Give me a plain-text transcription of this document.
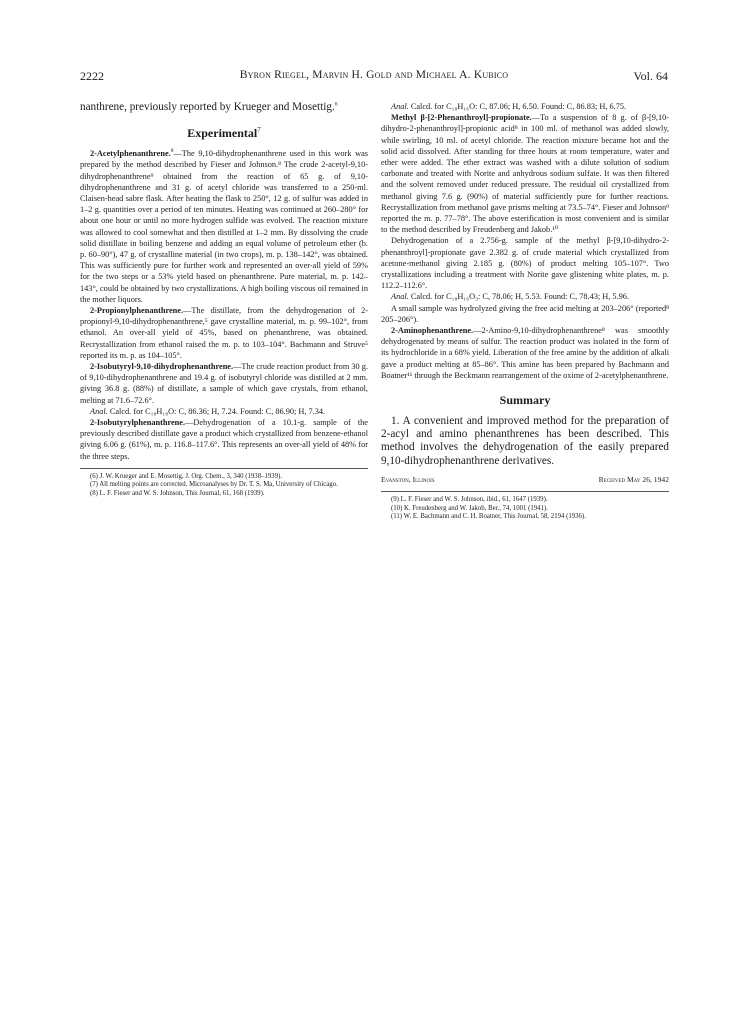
2222	Byron Riegel, Marvin H. Gold and Michael A. Kubico	Vol. 64

nanthrene, previously reported by Krueger and Mosettig.$^6$

Experimental$^7$

2-Acetylphenanthrene.$^8$—The 9,10-dihydrophenanthrene used in this work was prepared by the method described by Fieser and Johnson.⁸ The crude 2-acetyl-9,10-dihydrophenanthrene⁹ obtained from the reaction of 65 g. of 9,10-dihydrophenanthrene and 31 g. of acetyl chloride was transferred to a 250-ml. Claisen-head sabre flask. After heating the flask to 250°, 12 g. of sulfur was added in 1–2 g. quantities over a period of ten minutes. Heating was continued at 260–280° for about one hour or until no more hydrogen sulfide was evolved. The reaction mixture was allowed to cool somewhat and then distilled at 1–2 mm. By dissolving the crude solid distillate in boiling benzene and adding an equal volume of petroleum ether (b. p. 60–90°), 47 g. of crystalline material (in two crops), m. p. 138–142°, was obtained. This was sufficiently pure for further work and represented an over-all yield of 59% for the two steps or a 53% yield based on phenanthrene. Pure material, m. p. 142–143°, could be obtained by two crystallizations. A high boiling viscous oil remained in the mother liquors.

2-Propionylphenanthrene.—The distillate, from the dehydrogenation of 2-propionyl-9,10-dihydrophenanthrene,⁵ gave crystalline material, m. p. 99–102°, from ethanol. An over-all yield of 45%, based on phenanthrene, was obtained. Recrystallization from ethanol raised the m. p. to 103–104°. Bachmann and Struve⁵ reported its m. p. as 104–105°.

2-Isobutyryl-9,10-dihydrophenanthrene.—The crude reaction product from 30 g. of 9,10-dihydrophenanthrene and 19.4 g. of isobutyryl chloride was distilled at 2 mm. giving 36.8 g. (88%) of distillate, a sample of which gave crystals, from ethanol, melting at 71.6–72.6°.

Anal. Calcd. for C₁₈H₁₈O: C, 86.36; H, 7.24. Found: C, 86.90; H, 7.34.

2-Isobutyrylphenanthrene.—Dehydrogenation of a 10.1-g. sample of the previously described distillate gave a product which crystallized from benzene-ethanol giving 6.06 g. (61%), m. p. 116.8–117.6°. This represents an over-all yield of 48% for the three steps.

(6) J. W. Krueger and E. Mosettig, J. Org. Chem., 3, 340 (1938–1939).

(7) All melting points are corrected. Microanalyses by Dr. T. S. Ma, University of Chicago.

(8) L. F. Fieser and W. S. Johnson, This Journal, 61, 168 (1939).

Anal. Calcd. for C₁₈H₁₆O: C, 87.06; H, 6.50. Found: C, 86.83; H, 6.75.

Methyl β-[2-Phenanthroyl]-propionate.—To a suspension of 8 g. of β-[9,10-dihydro-2-phenanthroyl]-propionic acid⁸ in 100 ml. of methanol was added slowly, while swirling, 10 ml. of acetyl chloride. The reaction mixture became hot and the solid acid dissolved. After standing for three hours at room temperature, water and ether were added. The ether extract was washed with a dilute solution of sodium carbonate and treated with Norite and anhydrous sodium sulfate. It was then filtered and the solvent removed under reduced pressure. The residual oil crystallized from methanol giving 7.6 g. (90%) of material sufficiently pure for further reactions. Recrystallization from methanol gave prisms melting at 73.5–74°. Fieser and Johnson⁹ reported the m. p. 77–78°. The above esterification is most convenient and is similar to the method described by Freudenberg and Jakob.¹⁰

Dehydrogenation of a 2.756-g. sample of the methyl β-[9,10-dihydro-2-phenanthroyl]-propionate gave 2.382 g. of crude material which crystallized from acetone-methanol giving 2.185 g. (80%) of product melting 105–107°. Two crystallizations including a treatment with Norite gave glistening white plates, m. p. 112.2–112.6°.

Anal. Calcd. for C₁₈H₁₆O₃: C, 78.06; H, 5.53. Found: C, 78.43; H, 5.96.

A small sample was hydrolyzed giving the free acid melting at 203–206° (reported⁸ 205–206°).

2-Aminophenanthrene.—2-Amino-9,10-dihydrophenanthrene⁸ was smoothly dehydrogenated by means of sulfur. The reaction product was isolated in the form of its hydrochloride in a 68% yield. Liberation of the free amine by the addition of alkali gave a product melting at 85–86°. This amine has been prepared by Bachmann and Boatner¹¹ through the Beckmann rearrangement of the oxime of 2-acetylphenanthrene.

Summary

1. A convenient and improved method for the preparation of 2-acyl and amino phenanthrenes has been described. This method involves the dehydrogenation of the easily prepared 9,10-dihydrophenanthrene derivatives.

Evanston, Illinois	Received May 26, 1942

(9) L. F. Fieser and W. S. Johnson, ibid., 61, 1647 (1939).

(10) K. Freudenberg and W. Jakob, Ber., 74, 1001 (1941).

(11) W. E. Bachmann and C. H. Boatner, This Journal, 58, 2194 (1936).
